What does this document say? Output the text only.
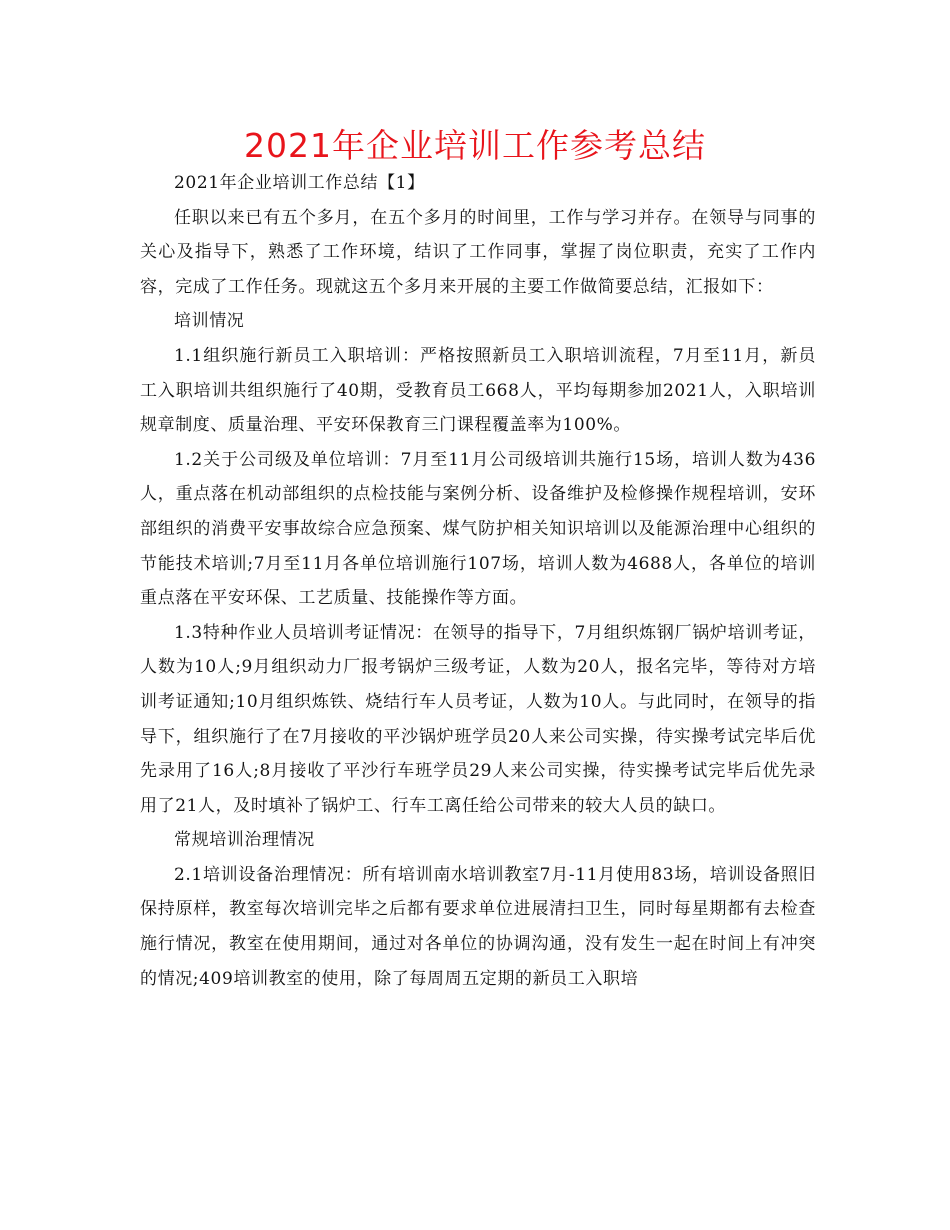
2021年企业培训工作参考总结

2021年企业培训工作总结【1】

任职以来已有五个多月，在五个多月的时间里，工作与学习并存。在领导与同事的关心及指导下，熟悉了工作环境，结识了工作同事，掌握了岗位职责，充实了工作内容，完成了工作任务。现就这五个多月来开展的主要工作做简要总结，汇报如下：

培训情况

1.1组织施行新员工入职培训：严格按照新员工入职培训流程，7月至11月，新员工入职培训共组织施行了40期，受教育员工668人，平均每期参加2021人，入职培训规章制度、质量治理、平安环保教育三门课程覆盖率为100%。

1.2关于公司级及单位培训：7月至11月公司级培训共施行15场，培训人数为436人，重点落在机动部组织的点检技能与案例分析、设备维护及检修操作规程培训，安环部组织的消费平安事故综合应急预案、煤气防护相关知识培训以及能源治理中心组织的节能技术培训;7月至11月各单位培训施行107场，培训人数为4688人，各单位的培训重点落在平安环保、工艺质量、技能操作等方面。

1.3特种作业人员培训考证情况：在领导的指导下，7月组织炼钢厂锅炉培训考证，人数为10人;9月组织动力厂报考锅炉三级考证，人数为20人，报名完毕，等待对方培训考证通知;10月组织炼铁、烧结行车人员考证，人数为10人。与此同时，在领导的指导下，组织施行了在7月接收的平沙锅炉班学员20人来公司实操，待实操考试完毕后优先录用了16人;8月接收了平沙行车班学员29人来公司实操，待实操考试完毕后优先录用了21人，及时填补了锅炉工、行车工离任给公司带来的较大人员的缺口。

常规培训治理情况

2.1培训设备治理情况：所有培训南水培训教室7月-11月使用83场，培训设备照旧保持原样，教室每次培训完毕之后都有要求单位进展清扫卫生，同时每星期都有去检查施行情况，教室在使用期间，通过对各单位的协调沟通，没有发生一起在时间上有冲突的情况;409培训教室的使用，除了每周周五定期的新员工入职培
